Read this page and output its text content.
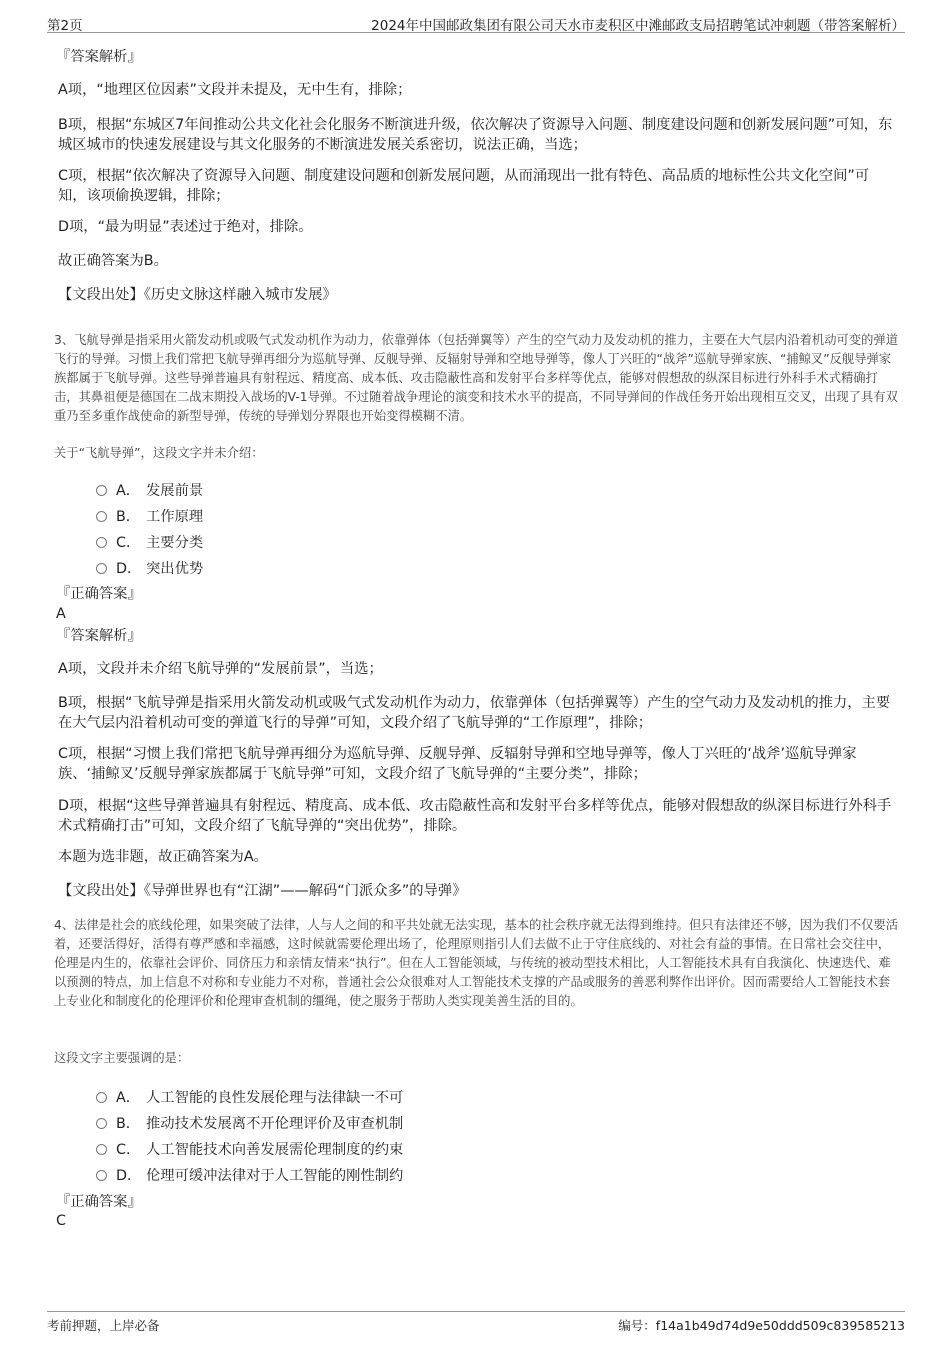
第2页	2024年中国邮政集团有限公司天水市麦积区中滩邮政支局招聘笔试冲刺题（带答案解析）
『答案解析』
A项，“地理区位因素”文段并未提及，无中生有，排除；
B项，根据“东城区7年间推动公共文化社会化服务不断演进升级，依次解决了资源导入问题、制度建设问题和创新发展问题”可知，东城区城市的快速发展建设与其文化服务的不断演进发展关系密切，说法正确，当选；
C项，根据“依次解决了资源导入问题、制度建设问题和创新发展问题，从而涌现出一批有特色、高品质的地标性公共文化空间”可知，该项偷换逻辑，排除；
D项，“最为明显”表述过于绝对，排除。
故正确答案为B。
【文段出处】《历史文脉这样融入城市发展》
3、飞航导弹是指采用火箭发动机或吸气式发动机作为动力，依靠弹体（包括弹翼等）产生的空气动力及发动机的推力，主要在大气层内沿着机动可变的弹道飞行的导弹。习惯上我们常把飞航导弹再细分为巡航导弹、反舰导弹、反辐射导弹和空地导弹等，像人丁兴旺的“战斧”巡航导弹家族、“捕鲸叉”反舰导弹家族都属于飞航导弹。这些导弹普遍具有射程远、精度高、成本低、攻击隐蔽性高和发射平台多样等优点，能够对假想敌的纵深目标进行外科手术式精确打击，其鼻祖便是德国在二战末期投入战场的V-1导弹。不过随着战争理论的演变和技术水平的提高，不同导弹间的作战任务开始出现相互交叉，出现了具有双重乃至多重作战使命的新型导弹，传统的导弹划分界限也开始变得模糊不清。
关于“飞航导弹”，这段文字并未介绍：
A． 发展前景
B． 工作原理
C． 主要分类
D． 突出优势
『正确答案』
A
『答案解析』
A项，文段并未介绍飞航导弹的“发展前景”，当选；
B项，根据“飞航导弹是指采用火箭发动机或吸气式发动机作为动力，依靠弹体（包括弹翼等）产生的空气动力及发动机的推力，主要在大气层内沿着机动可变的弹道飞行的导弹”可知，文段介绍了飞航导弹的“工作原理”，排除；
C项，根据“习惯上我们常把飞航导弹再细分为巡航导弹、反舰导弹、反辐射导弹和空地导弹等，像人丁兴旺的‘战斧’巡航导弹家族、‘捕鲸叉’反舰导弹家族都属于飞航导弹”可知，文段介绍了飞航导弹的“主要分类”，排除；
D项，根据“这些导弹普遍具有射程远、精度高、成本低、攻击隐蔽性高和发射平台多样等优点，能够对假想敌的纵深目标进行外科手术式精确打击”可知，文段介绍了飞航导弹的“突出优势”，排除。
本题为选非题，故正确答案为A。
【文段出处】《导弹世界也有“江湖”——解码“门派众多”的导弹》
4、法律是社会的底线伦理，如果突破了法律，人与人之间的和平共处就无法实现，基本的社会秩序就无法得到维持。但只有法律还不够，因为我们不仅要活着，还要活得好，活得有尊严感和幸福感，这时候就需要伦理出场了，伦理原则指引人们去做不止于守住底线的、对社会有益的事情。在日常社会交往中，伦理是内生的，依靠社会评价、同侪压力和亲情友情来“执行”。但在人工智能领域，与传统的被动型技术相比，人工智能技术具有自我演化、快速迭代、难以预测的特点，加上信息不对称和专业能力不对称，普通社会公众很难对人工智能技术支撑的产品或服务的善恶利弊作出评价。因而需要给人工智能技术套上专业化和制度化的伦理评价和伦理审查机制的缰绳，使之服务于帮助人类实现美善生活的目的。
这段文字主要强调的是：
A． 人工智能的良性发展伦理与法律缺一不可
B． 推动技术发展离不开伦理评价及审查机制
C． 人工智能技术向善发展需伦理制度的约束
D． 伦理可缓冲法律对于人工智能的刚性制约
『正确答案』
C
考前押题，上岸必备	编号：f14a1b49d74d9e50ddd509c839585213
